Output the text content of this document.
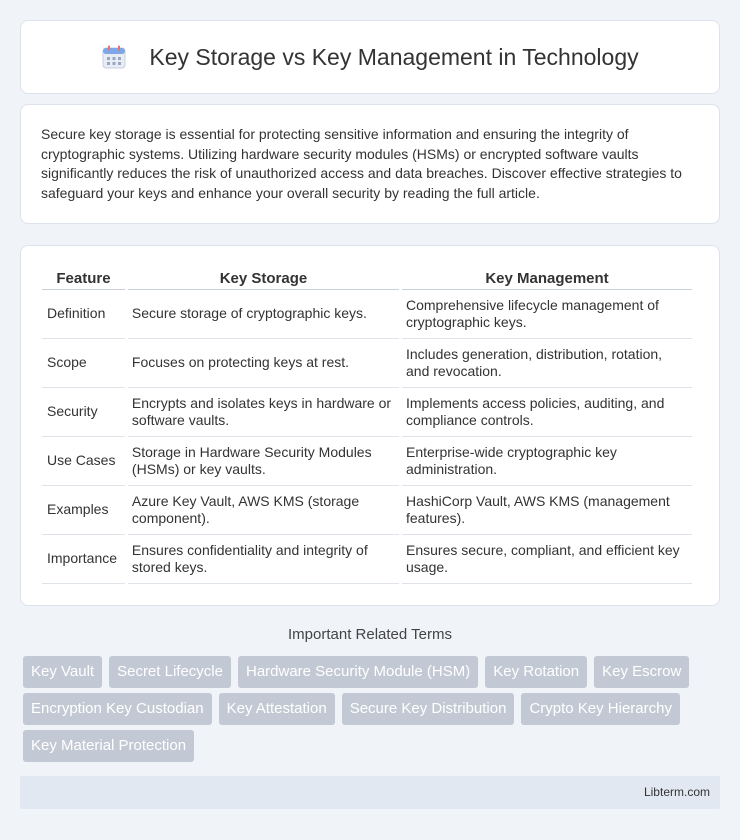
Key Storage vs Key Management in Technology

Secure key storage is essential for protecting sensitive information and ensuring the integrity of cryptographic systems. Utilizing hardware security modules (HSMs) or encrypted software vaults significantly reduces the risk of unauthorized access and data breaches. Discover effective strategies to safeguard your keys and enhance your overall security by reading the full article.

Feature	Key Storage	Key Management
Definition	Secure storage of cryptographic keys.	Comprehensive lifecycle management of cryptographic keys.
Scope	Focuses on protecting keys at rest.	Includes generation, distribution, rotation, and revocation.
Security	Encrypts and isolates keys in hardware or software vaults.	Implements access policies, auditing, and compliance controls.
Use Cases	Storage in Hardware Security Modules (HSMs) or key vaults.	Enterprise-wide cryptographic key administration.
Examples	Azure Key Vault, AWS KMS (storage component).	HashiCorp Vault, AWS KMS (management features).
Importance	Ensures confidentiality and integrity of stored keys.	Ensures secure, compliant, and efficient key usage.
Important Related Terms
Key Vault	Secret Lifecycle	Hardware Security Module (HSM)	Key Rotation	Key Escrow
Encryption Key Custodian	Key Attestation	Secure Key Distribution	Crypto Key Hierarchy
Key Material Protection
Libterm.com
